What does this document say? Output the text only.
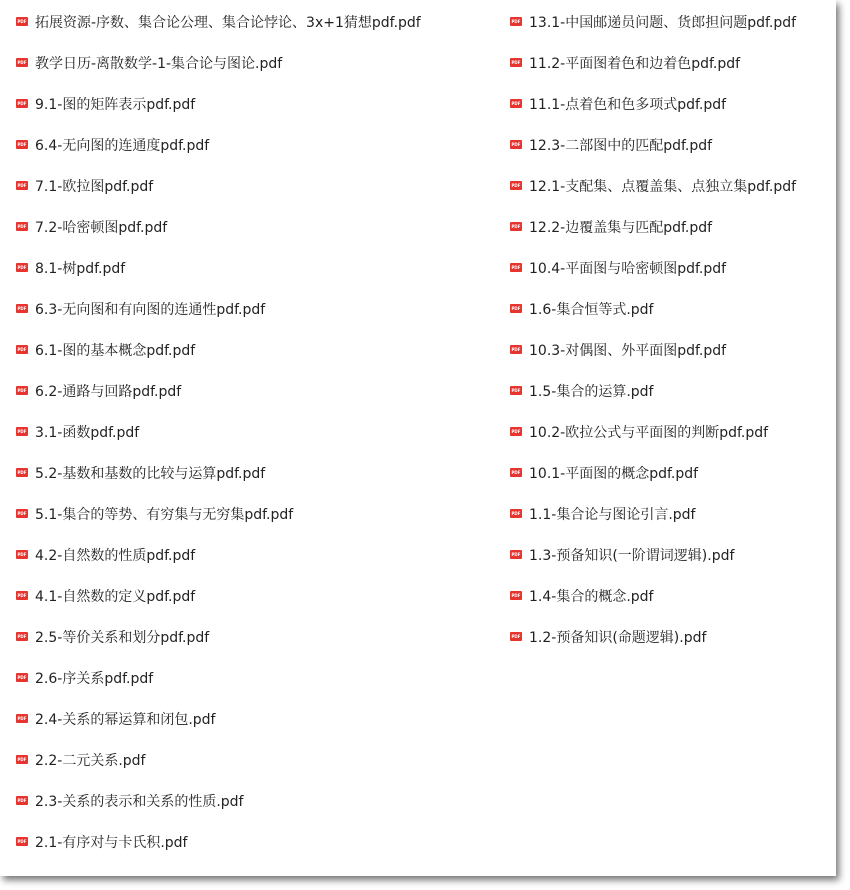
PDF 拓展资源-序数、集合论公理、集合论悖论、3x+1猜想pdf.pdf
PDF 教学日历-离散数学-1-集合论与图论.pdf
PDF 9.1-图的矩阵表示pdf.pdf
PDF 6.4-无向图的连通度pdf.pdf
PDF 7.1-欧拉图pdf.pdf
PDF 7.2-哈密顿图pdf.pdf
PDF 8.1-树pdf.pdf
PDF 6.3-无向图和有向图的连通性pdf.pdf
PDF 6.1-图的基本概念pdf.pdf
PDF 6.2-通路与回路pdf.pdf
PDF 3.1-函数pdf.pdf
PDF 5.2-基数和基数的比较与运算pdf.pdf
PDF 5.1-集合的等势、有穷集与无穷集pdf.pdf
PDF 4.2-自然数的性质pdf.pdf
PDF 4.1-自然数的定义pdf.pdf
PDF 2.5-等价关系和划分pdf.pdf
PDF 2.6-序关系pdf.pdf
PDF 2.4-关系的幂运算和闭包.pdf
PDF 2.2-二元关系.pdf
PDF 2.3-关系的表示和关系的性质.pdf
PDF 2.1-有序对与卡氏积.pdf
PDF 13.1-中国邮递员问题、货郎担问题pdf.pdf
PDF 11.2-平面图着色和边着色pdf.pdf
PDF 11.1-点着色和色多项式pdf.pdf
PDF 12.3-二部图中的匹配pdf.pdf
PDF 12.1-支配集、点覆盖集、点独立集pdf.pdf
PDF 12.2-边覆盖集与匹配pdf.pdf
PDF 10.4-平面图与哈密顿图pdf.pdf
PDF 1.6-集合恒等式.pdf
PDF 10.3-对偶图、外平面图pdf.pdf
PDF 1.5-集合的运算.pdf
PDF 10.2-欧拉公式与平面图的判断pdf.pdf
PDF 10.1-平面图的概念pdf.pdf
PDF 1.1-集合论与图论引言.pdf
PDF 1.3-预备知识(一阶谓词逻辑).pdf
PDF 1.4-集合的概念.pdf
PDF 1.2-预备知识(命题逻辑).pdf
